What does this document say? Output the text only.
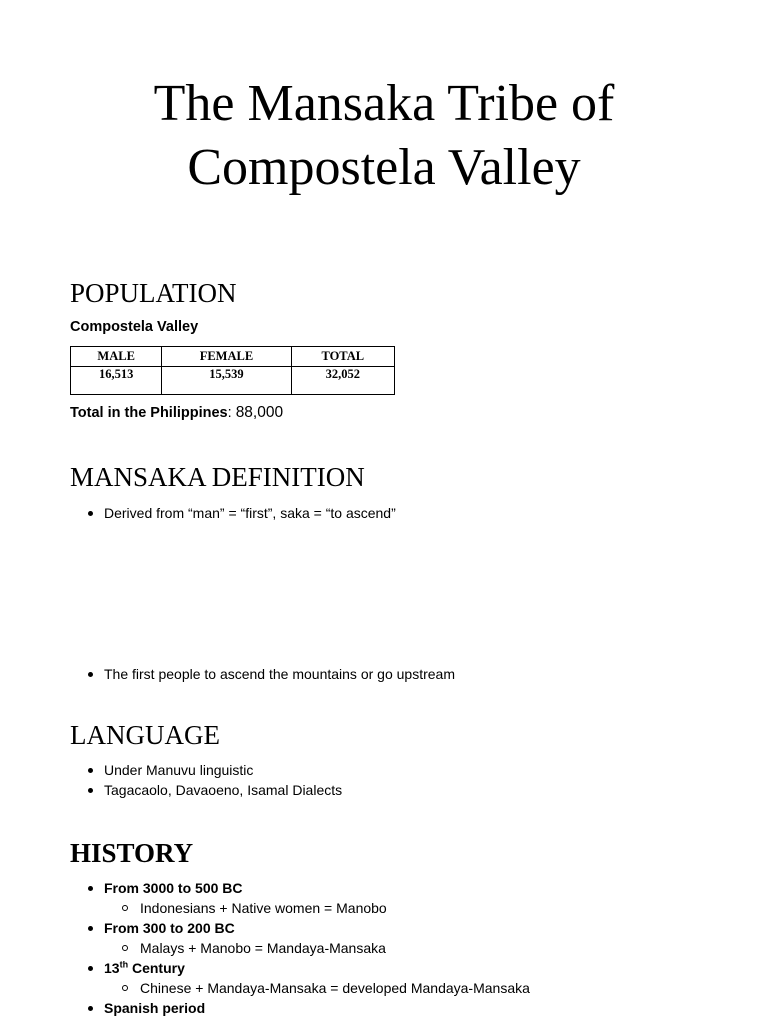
The Mansaka Tribe of
Compostela Valley
POPULATION

Compostela Valley

MALE	FEMALE	TOTAL
16,513	15,539	32,052

Total in the Philippines: 88,000

MANSAKA DEFINITION
Derived from “man” = “first”, saka = “to ascend”
The first people to ascend the mountains or go upstream
LANGUAGE
Under Manuvu linguistic
Tagacaolo, Davaoeno, Isamal Dialects
HISTORY
From 3000 to 500 BC
Indonesians + Native women = Manobo
From 300 to 200 BC
Malays + Manobo = Mandaya-Mansaka
13th Century
Chinese + Mandaya-Mansaka = developed Mandaya-Mansaka
Spanish period
